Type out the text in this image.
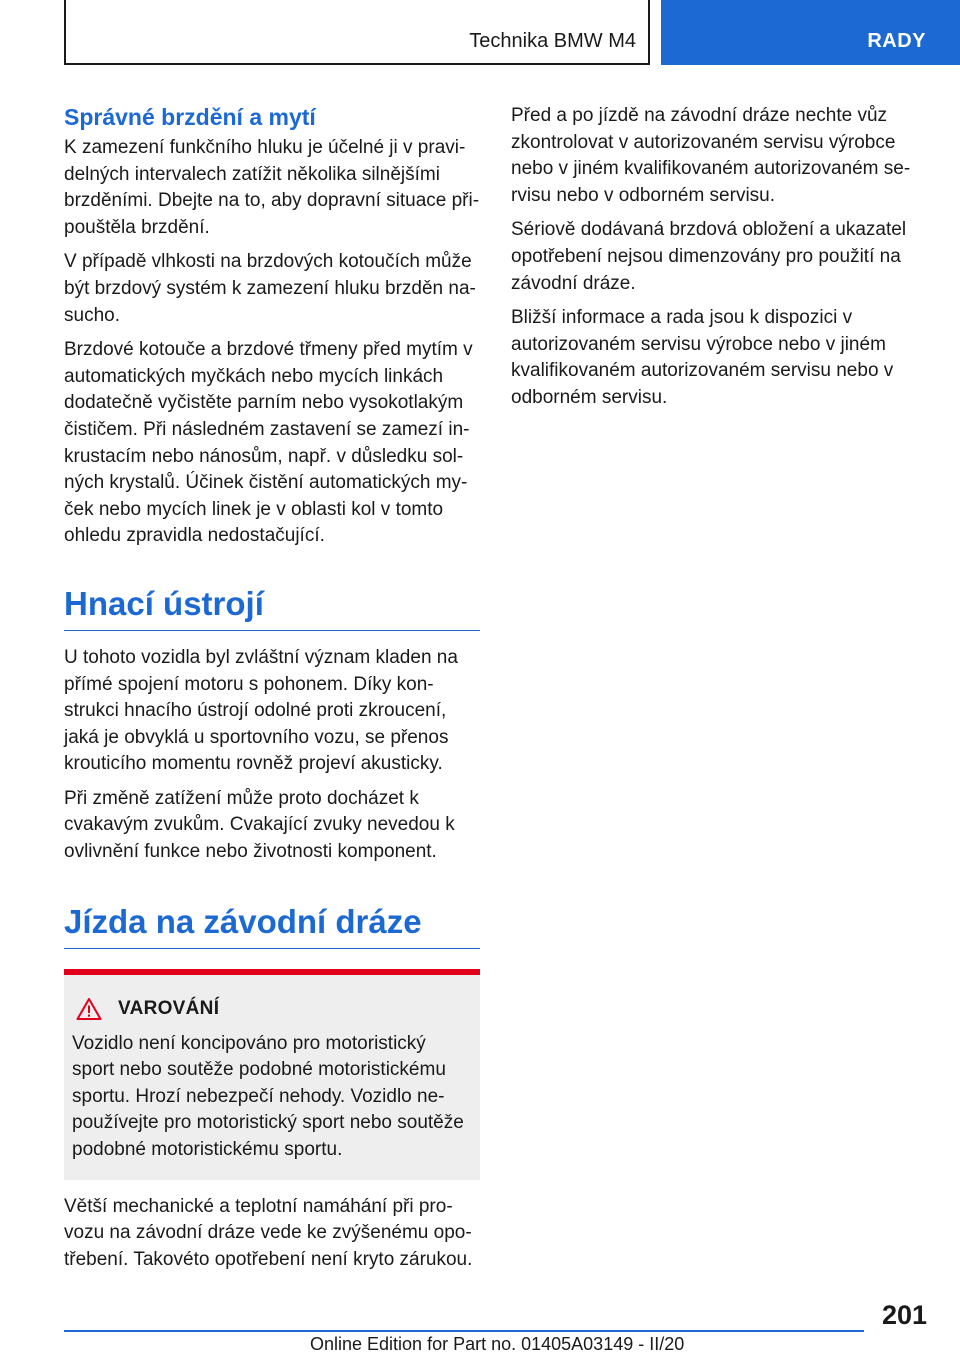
Technika BMW M4	RADY
Správné brzdění a mytí

K zamezení funkčního hluku je účelné ji v pravidelných intervalech zatížit několika silnějšími brzděními. Dbejte na to, aby dopravní situace připouštěla brzdění.

V případě vlhkosti na brzdových kotoučích může být brzdový systém k zamezení hluku brzděn nasucho.

Brzdové kotouče a brzdové třmeny před mytím v automatických myčkách nebo mycích linkách dodatečně vyčistěte parním nebo vysokotlakým čističem. Při následném zastavení se zamezí inkrustacím nebo nánosům, např. v důsledku solných krystalů. Účinek čistění automatických myček nebo mycích linek je v oblasti kol v tomto ohledu zpravidla nedostačující.

Hnací ústrojí

U tohoto vozidla byl zvláštní význam kladen na přímé spojení motoru s pohonem. Díky konstrukci hnacího ústrojí odolné proti zkroucení, jaká je obvyklá u sportovního vozu, se přenos krouticího momentu rovněž projeví akusticky.

Při změně zatížení může proto docházet k cvakavým zvukům. Cvakající zvuky nevedou k ovlivnění funkce nebo životnosti komponent.

Jízda na závodní dráze
VAROVÁNÍ

Vozidlo není koncipováno pro motoristický sport nebo soutěže podobné motoristickému sportu. Hrozí nebezpečí nehody. Vozidlo nepoužívejte pro motoristický sport nebo soutěže podobné motoristickému sportu.

Větší mechanické a teplotní namáhání při provozu na závodní dráze vede ke zvýšenému opotřebení. Takovéto opotřebení není kryto zárukou.

Před a po jízdě na závodní dráze nechte vůz zkontrolovat v autorizovaném servisu výrobce nebo v jiném kvalifikovaném autorizovaném servisu nebo v odborném servisu.

Sériově dodávaná brzdová obložení a ukazatel opotřebení nejsou dimenzovány pro použití na závodní dráze.

Bližší informace a rada jsou k dispozici v autorizovaném servisu výrobce nebo v jiném kvalifikovaném autorizovaném servisu nebo v odborném servisu.

201
Online Edition for Part no. 01405A03149 - II/20
